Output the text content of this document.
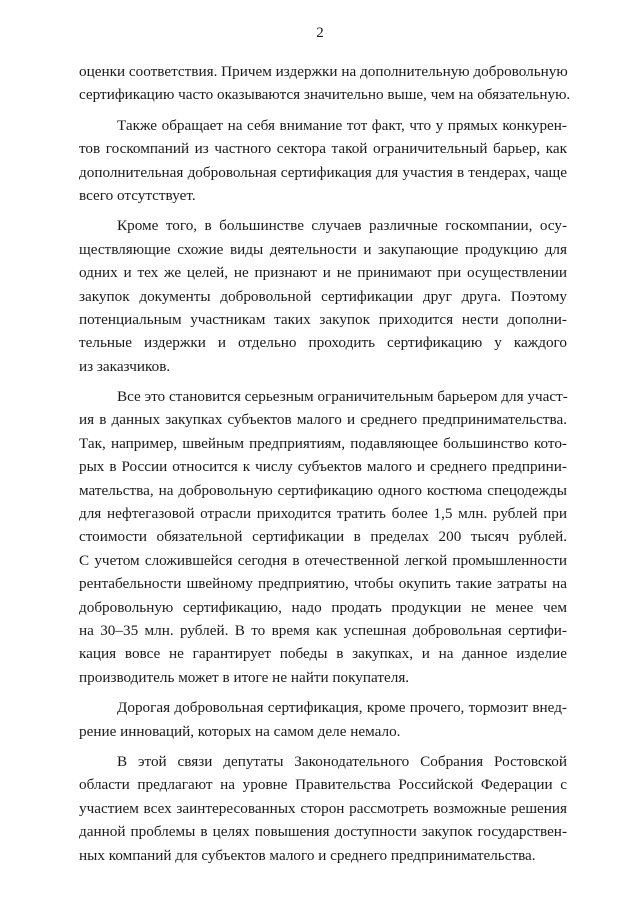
2
оценки соответствия. Причем издержки на дополнительную добровольную
сертификацию часто оказываются значительно выше, чем на обязательную.
Также обращает на себя внимание тот факт, что у прямых конкурен-
тов госкомпаний из частного сектора такой ограничительный барьер, как
дополнительная добровольная сертификация для участия в тендерах, чаще
всего отсутствует.
Кроме того, в большинстве случаев различные госкомпании, осу-
ществляющие схожие виды деятельности и закупающие продукцию для
одних и тех же целей, не признают и не принимают при осуществлении
закупок документы добровольной сертификации друг друга. Поэтому
потенциальным участникам таких закупок приходится нести дополни-
тельные издержки и отдельно проходить сертификацию у каждого
из заказчиков.
Все это становится серьезным ограничительным барьером для участ-
ия в данных закупках субъектов малого и среднего предпринимательства.
Так, например, швейным предприятиям, подавляющее большинство кото-
рых в России относится к числу субъектов малого и среднего предприни-
мательства, на добровольную сертификацию одного костюма спецодежды
для нефтегазовой отрасли приходится тратить более 1,5 млн. рублей при
стоимости обязательной сертификации в пределах 200 тысяч рублей.
С учетом сложившейся сегодня в отечественной легкой промышленности
рентабельности швейному предприятию, чтобы окупить такие затраты на
добровольную сертификацию, надо продать продукции не менее чем
на 30–35 млн. рублей. В то время как успешная добровольная сертифи-
кация вовсе не гарантирует победы в закупках, и на данное изделие
производитель может в итоге не найти покупателя.
Дорогая добровольная сертификация, кроме прочего, тормозит внед-
рение инноваций, которых на самом деле немало.
В этой связи депутаты Законодательного Собрания Ростовской
области предлагают на уровне Правительства Российской Федерации с
участием всех заинтересованных сторон рассмотреть возможные решения
данной проблемы в целях повышения доступности закупок государствен-
ных компаний для субъектов малого и среднего предпринимательства.
